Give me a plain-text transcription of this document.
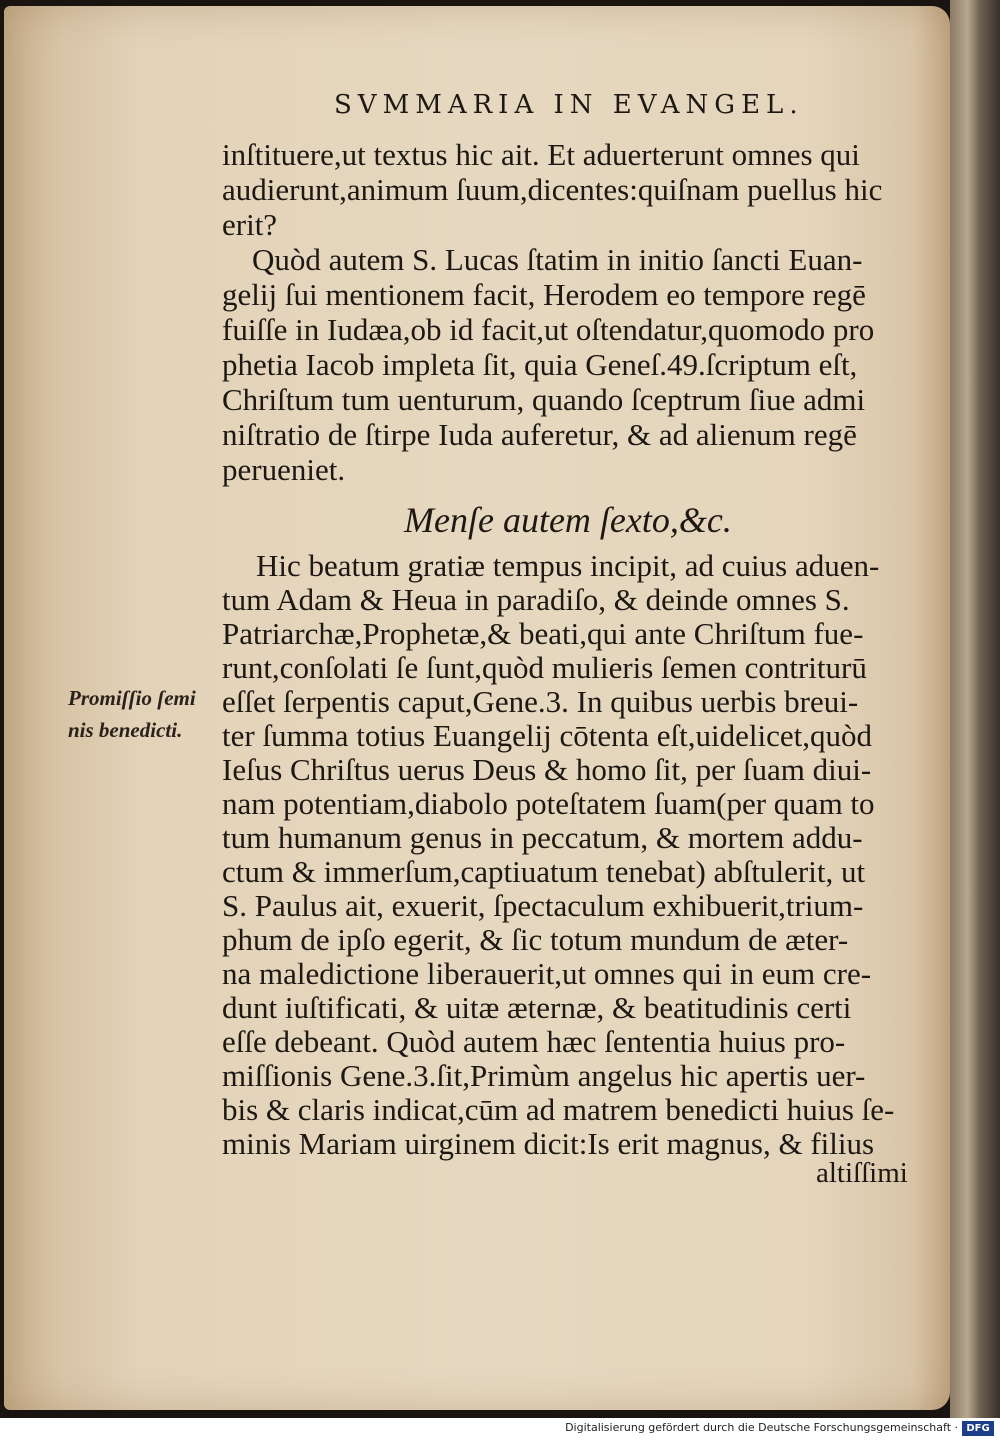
SVMMARIA IN EVANGEL.
inſtituere,ut textus hic ait. Et aduerterunt omnes qui
audierunt,animum ſuum,dicentes:quiſnam puellus hic
erit?
Quòd autem S. Lucas ſtatim in initio ſancti Euan-
gelij ſui mentionem facit, Herodem eo tempore regē
fuiſſe in Iudæa,ob id facit,ut oſtendatur,quomodo pro
phetia Iacob impleta ſit, quia Geneſ.49.ſcriptum eſt,
Chriſtum tum uenturum, quando ſceptrum ſiue admi
niſtratio de ſtirpe Iuda auferetur, & ad alienum regē
perueniet.
Menſe autem ſexto,&c.
Promiſſio ſemi
nis benedicti.
Hic beatum gratiæ tempus incipit, ad cuius aduen-
tum Adam & Heua in paradiſo, & deinde omnes S.
Patriarchæ,Prophetæ,& beati,qui ante Chriſtum fue-
runt,conſolati ſe ſunt,quòd mulieris ſemen contriturū
eſſet ſerpentis caput,Gene.3. In quibus uerbis breui-
ter ſumma totius Euangelij cōtenta eſt,uidelicet,quòd
Ieſus Chriſtus uerus Deus & homo ſit, per ſuam diui-
nam potentiam,diabolo poteſtatem ſuam(per quam to
tum humanum genus in peccatum, & mortem addu-
ctum & immerſum,captiuatum tenebat) abſtulerit, ut
S. Paulus ait, exuerit, ſpectaculum exhibuerit,trium-
phum de ipſo egerit, & ſic totum mundum de æter-
na maledictione liberauerit,ut omnes qui in eum cre-
dunt iuſtificati, & uitæ æternæ, & beatitudinis certi
eſſe debeant. Quòd autem hæc ſententia huius pro-
miſſionis Gene.3.ſit,Primùm angelus hic apertis uer-
bis & claris indicat,cūm ad matrem benedicti huius ſe-
minis Mariam uirginem dicit:Is erit magnus, & filius
altiſſimi
Digitalisierung gefördert durch die Deutsche Forschungsgemeinschaft · DFG
